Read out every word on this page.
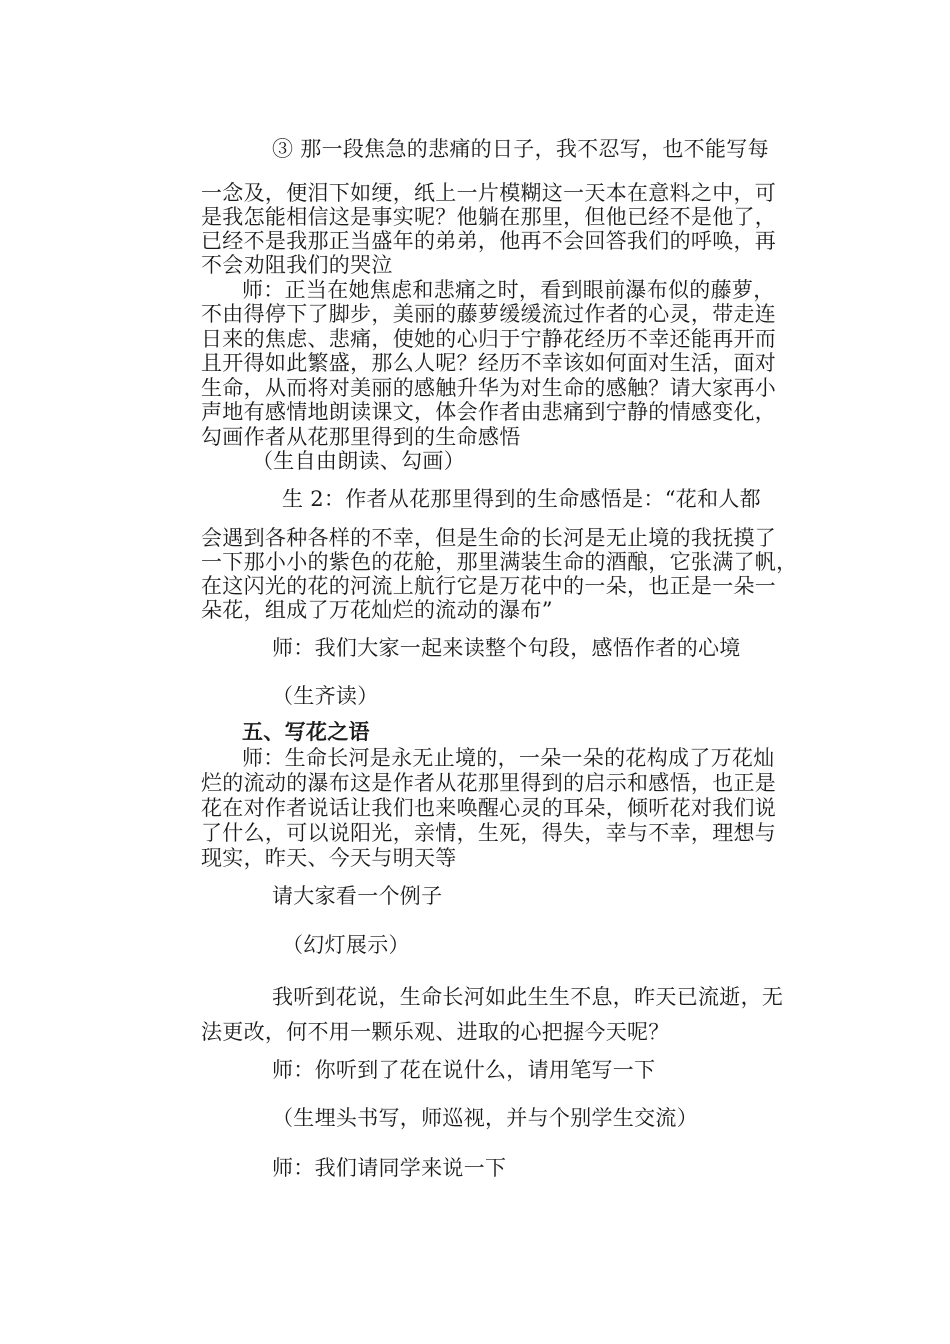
③ 那一段焦急的悲痛的日子，我不忍写，也不能写每
一念及，便泪下如绠，纸上一片模糊这一天本在意料之中，可
是我怎能相信这是事实呢？他躺在那里，但他已经不是他了，
已经不是我那正当盛年的弟弟，他再不会回答我们的呼唤，再
不会劝阻我们的哭泣
师：正当在她焦虑和悲痛之时，看到眼前瀑布似的藤萝，
不由得停下了脚步，美丽的藤萝缓缓流过作者的心灵，带走连
日来的焦虑、悲痛，使她的心归于宁静花经历不幸还能再开而
且开得如此繁盛，那么人呢？经历不幸该如何面对生活，面对
生命，从而将对美丽的感触升华为对生命的感触？请大家再小
声地有感情地朗读课文，体会作者由悲痛到宁静的情感变化，
勾画作者从花那里得到的生命感悟
（生自由朗读、勾画）
生 2：作者从花那里得到的生命感悟是：“花和人都
会遇到各种各样的不幸，但是生命的长河是无止境的我抚摸了
一下那小小的紫色的花舱，那里满装生命的酒酿，它张满了帆，
在这闪光的花的河流上航行它是万花中的一朵，也正是一朵一
朵花，组成了万花灿烂的流动的瀑布”
师：我们大家一起来读整个句段，感悟作者的心境
（生齐读）
五、写花之语
师：生命长河是永无止境的，一朵一朵的花构成了万花灿
烂的流动的瀑布这是作者从花那里得到的启示和感悟，也正是
花在对作者说话让我们也来唤醒心灵的耳朵，倾听花对我们说
了什么，可以说阳光，亲情，生死，得失，幸与不幸，理想与
现实，昨天、今天与明天等
请大家看一个例子
（幻灯展示）
我听到花说，生命长河如此生生不息，昨天已流逝，无
法更改，何不用一颗乐观、进取的心把握今天呢？
师：你听到了花在说什么，请用笔写一下
（生埋头书写，师巡视，并与个别学生交流）
师：我们请同学来说一下
